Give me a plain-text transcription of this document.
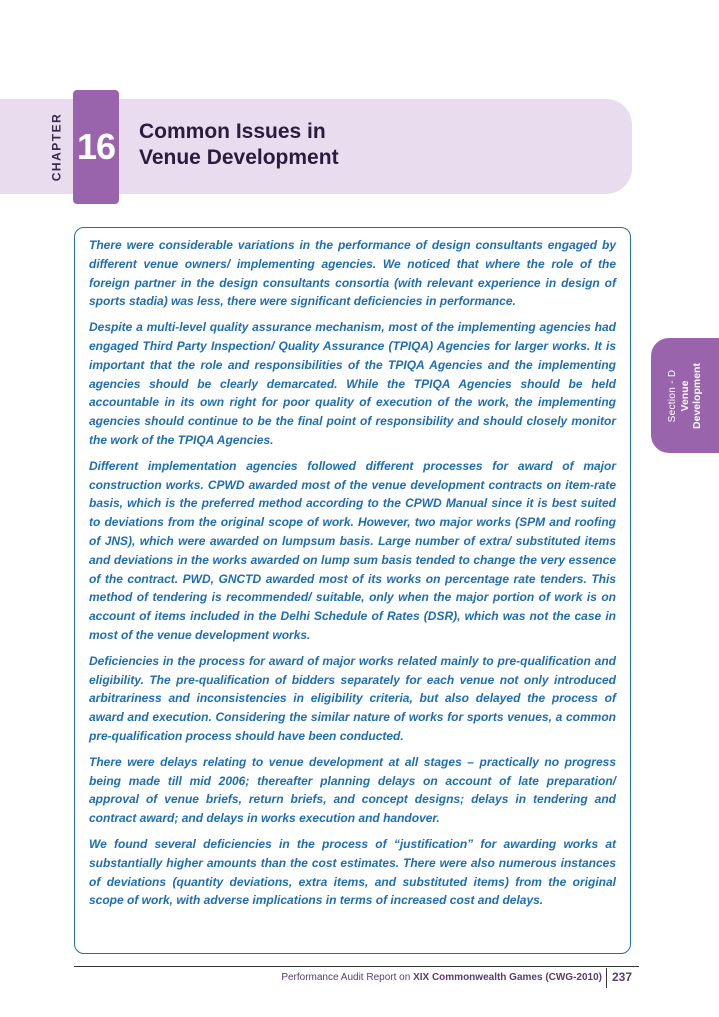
CHAPTER 16 Common Issues in
Venue Development
Section - D Venue Development

There were considerable variations in the performance of design consultants engaged by different venue owners/ implementing agencies. We noticed that where the role of the foreign partner in the design consultants consortia (with relevant experience in design of sports stadia) was less, there were significant deficiencies in performance.

Despite a multi-level quality assurance mechanism, most of the implementing agencies had engaged Third Party Inspection/ Quality Assurance (TPIQA) Agencies for larger works. It is important that the role and responsibilities of the TPIQA Agencies and the implementing agencies should be clearly demarcated. While the TPIQA Agencies should be held accountable in its own right for poor quality of execution of the work, the implementing agencies should continue to be the final point of responsibility and should closely monitor the work of the TPIQA Agencies.

Different implementation agencies followed different processes for award of major construction works. CPWD awarded most of the venue development contracts on item-rate basis, which is the preferred method according to the CPWD Manual since it is best suited to deviations from the original scope of work. However, two major works (SPM and roofing of JNS), which were awarded on lumpsum basis. Large number of extra/ substituted items and deviations in the works awarded on lump sum basis tended to change the very essence of the contract. PWD, GNCTD awarded most of its works on percentage rate tenders. This method of tendering is recommended/ suitable, only when the major portion of work is on account of items included in the Delhi Schedule of Rates (DSR), which was not the case in most of the venue development works.

Deficiencies in the process for award of major works related mainly to pre-qualification and eligibility. The pre-qualification of bidders separately for each venue not only introduced arbitrariness and inconsistencies in eligibility criteria, but also delayed the process of award and execution. Considering the similar nature of works for sports venues, a common pre-qualification process should have been conducted.

There were delays relating to venue development at all stages – practically no progress being made till mid 2006; thereafter planning delays on account of late preparation/ approval of venue briefs, return briefs, and concept designs; delays in tendering and contract award; and delays in works execution and handover.

We found several deficiencies in the process of “justification” for awarding works at substantially higher amounts than the cost estimates. There were also numerous instances of deviations (quantity deviations, extra items, and substituted items) from the original scope of work, with adverse implications in terms of increased cost and delays.

Performance Audit Report on XIX Commonwealth Games (CWG-2010) 237
